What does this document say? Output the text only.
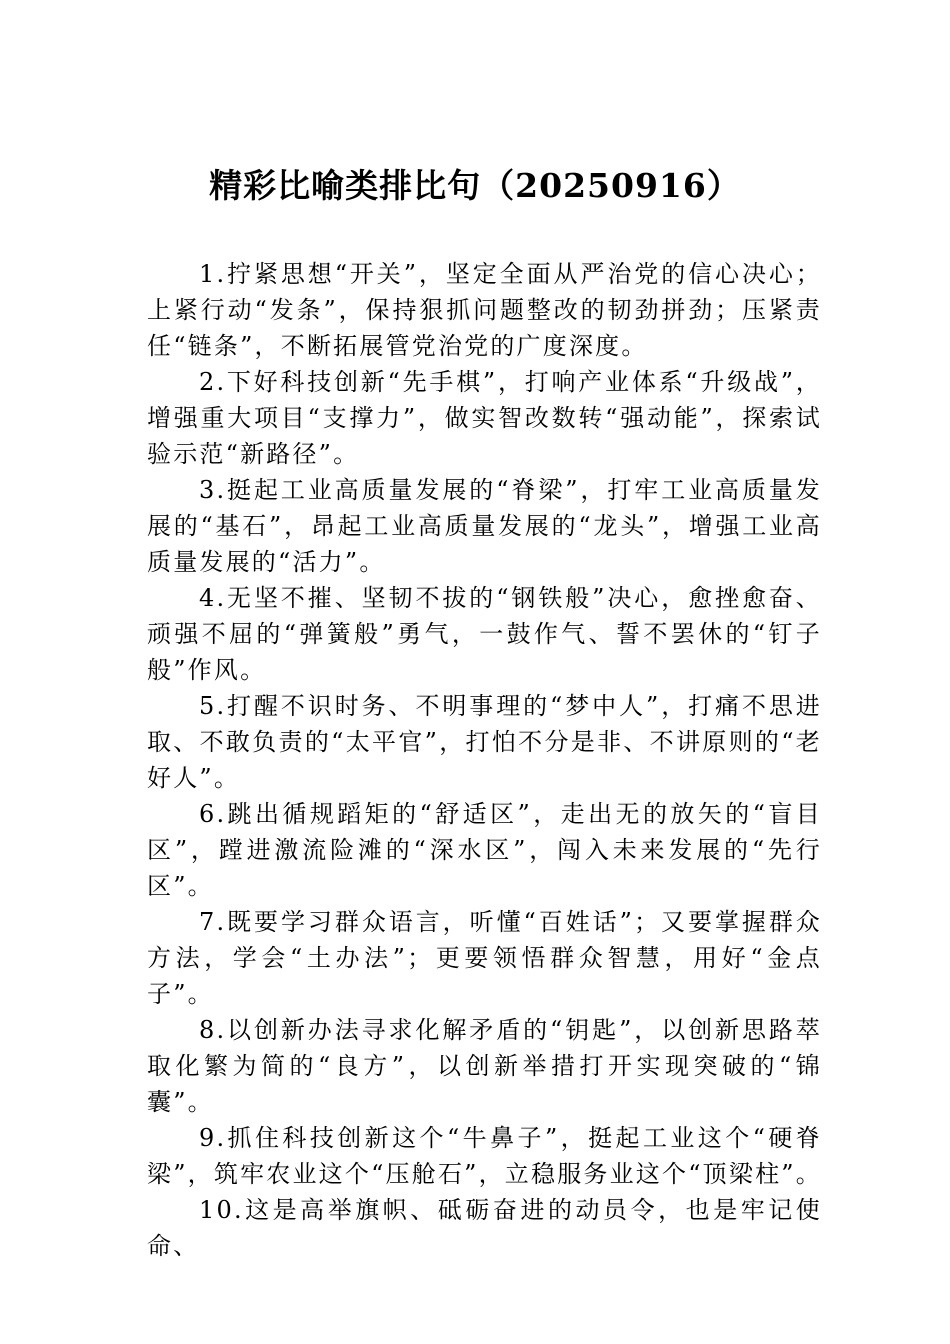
精彩比喻类排比句（20250916）

1.拧紧思想“开关”，坚定全面从严治党的信心决心；上紧行动“发条”，保持狠抓问题整改的韧劲拼劲；压紧责任“链条”，不断拓展管党治党的广度深度。

2.下好科技创新“先手棋”，打响产业体系“升级战”，增强重大项目“支撑力”，做实智改数转“强动能”，探索试验示范“新路径”。

3.挺起工业高质量发展的“脊梁”，打牢工业高质量发展的“基石”，昂起工业高质量发展的“龙头”，增强工业高质量发展的“活力”。

4.无坚不摧、坚韧不拔的“钢铁般”决心，愈挫愈奋、顽强不屈的“弹簧般”勇气，一鼓作气、誓不罢休的“钉子般”作风。

5.打醒不识时务、不明事理的“梦中人”，打痛不思进取、不敢负责的“太平官”，打怕不分是非、不讲原则的“老好人”。

6.跳出循规蹈矩的“舒适区”，走出无的放矢的“盲目区”，蹚进激流险滩的“深水区”，闯入未来发展的“先行区”。

7.既要学习群众语言，听懂“百姓话”；又要掌握群众方法，学会“土办法”；更要领悟群众智慧，用好“金点子”。

8.以创新办法寻求化解矛盾的“钥匙”，以创新思路萃取化繁为简的“良方”，以创新举措打开实现突破的“锦囊”。

9.抓住科技创新这个“牛鼻子”，挺起工业这个“硬脊梁”，筑牢农业这个“压舱石”，立稳服务业这个“顶梁柱”。

10.这是高举旗帜、砥砺奋进的动员令，也是牢记使命、
